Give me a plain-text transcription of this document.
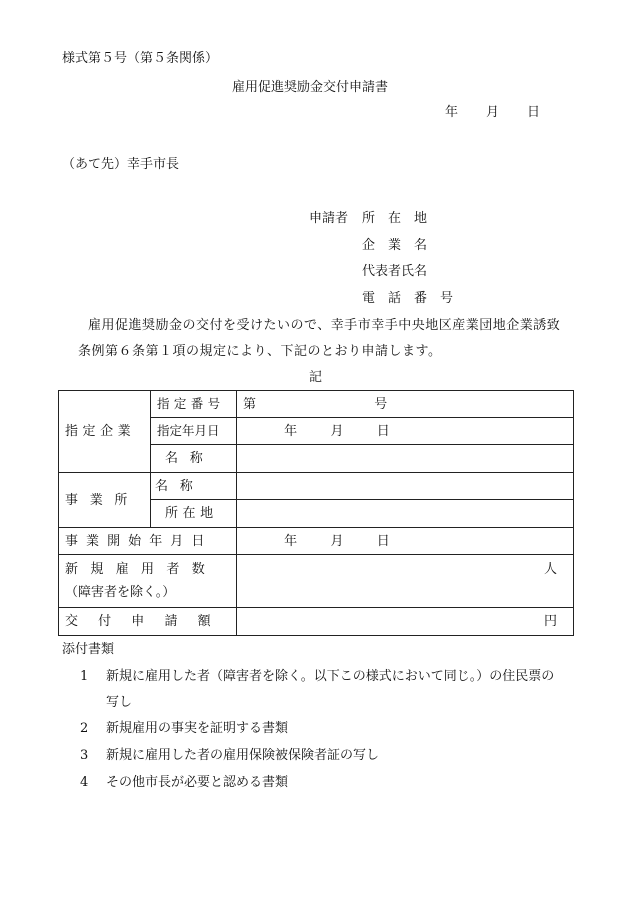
様式第５号（第５条関係）
雇用促進奨励金交付申請書
年 月 日
（あて先）幸手市長
申請者 所　在　地
企　業　名
代表者氏名
電　話　番　号
雇用促進奨励金の交付を受けたいので、幸手市幸手中央地区産業団地企業誘致
条例第６条第１項の規定により、下記のとおり申請します。
記
指定企業	指定番号	第 号
	指定年月日	年 月 日
	名称	
事業所	名称	
	所在地	
事業開始年月日		年 月 日

新規雇用者数
（障害者を除く。）		人
交付申請額		円
添付書類
1 新規に雇用した者（障害者を除く。以下この様式において同じ。）の住民票の
写し
2 新規雇用の事実を証明する書類
3 新規に雇用した者の雇用保険被保険者証の写し
4 その他市長が必要と認める書類
